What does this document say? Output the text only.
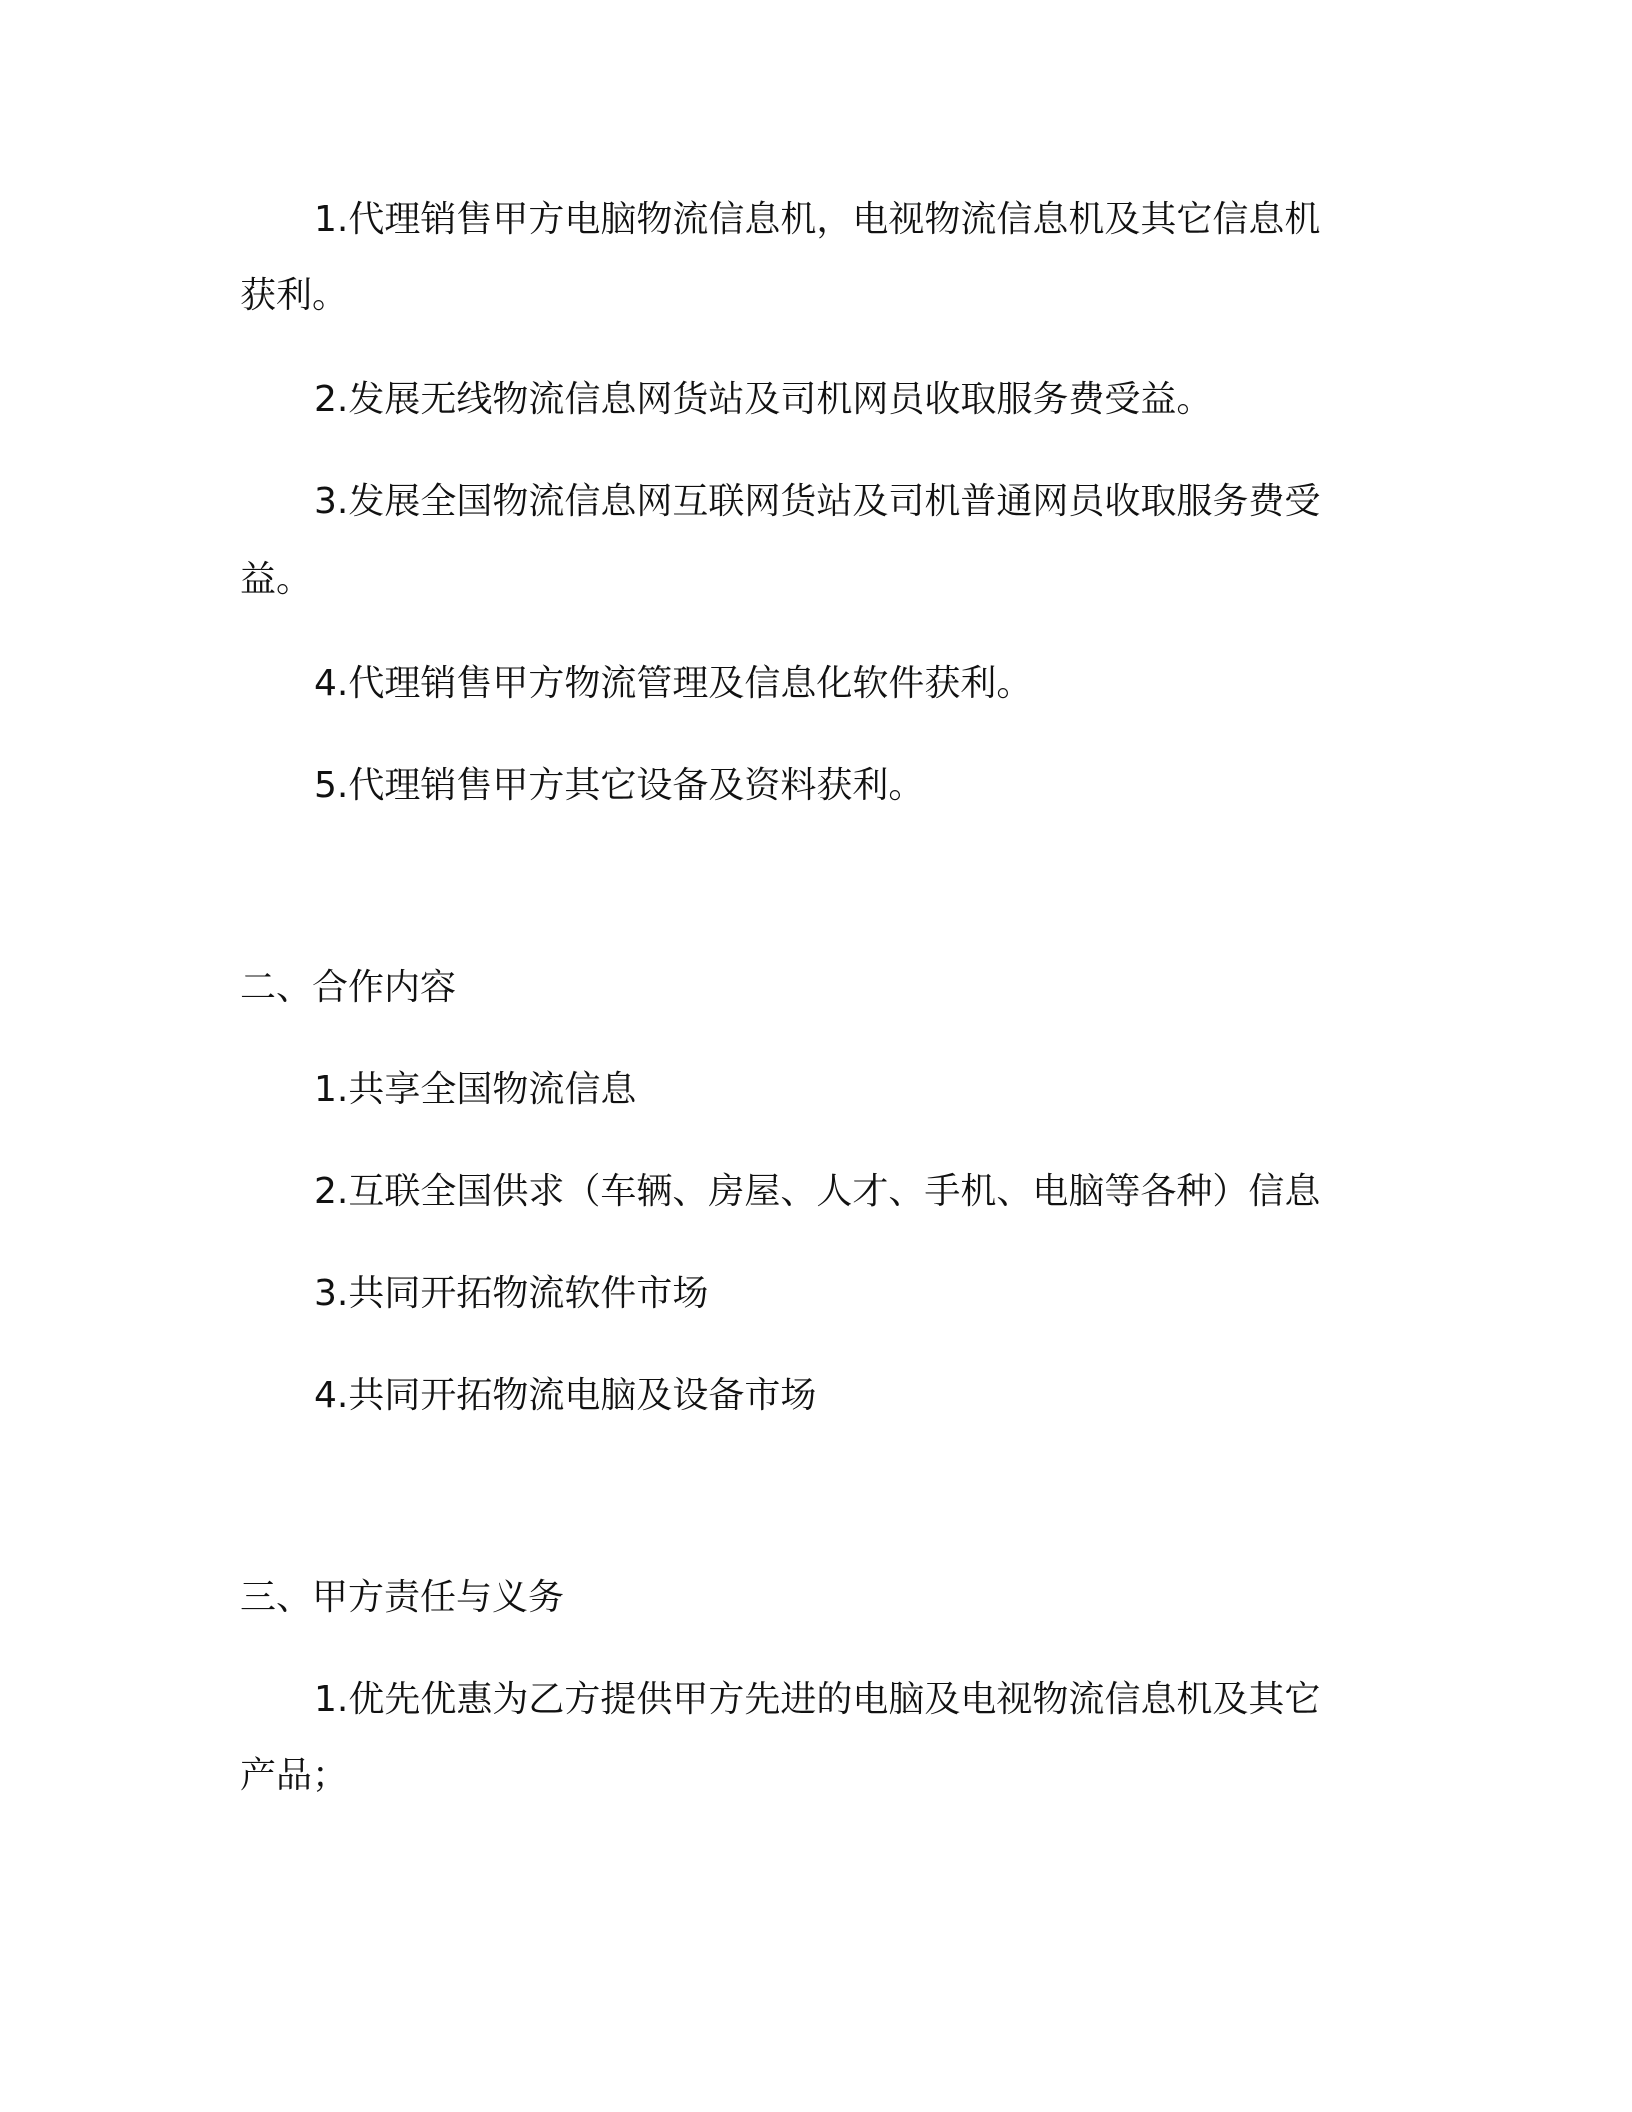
1.代理销售甲方电脑物流信息机，电视物流信息机及其它信息机
获利。
2.发展无线物流信息网货站及司机网员收取服务费受益。
3.发展全国物流信息网互联网货站及司机普通网员收取服务费受
益。
4.代理销售甲方物流管理及信息化软件获利。
5.代理销售甲方其它设备及资料获利。
二、合作内容
1.共享全国物流信息
2.互联全国供求（车辆、房屋、人才、手机、电脑等各种）信息
3.共同开拓物流软件市场
4.共同开拓物流电脑及设备市场
三、甲方责任与义务
1.优先优惠为乙方提供甲方先进的电脑及电视物流信息机及其它
产品；
